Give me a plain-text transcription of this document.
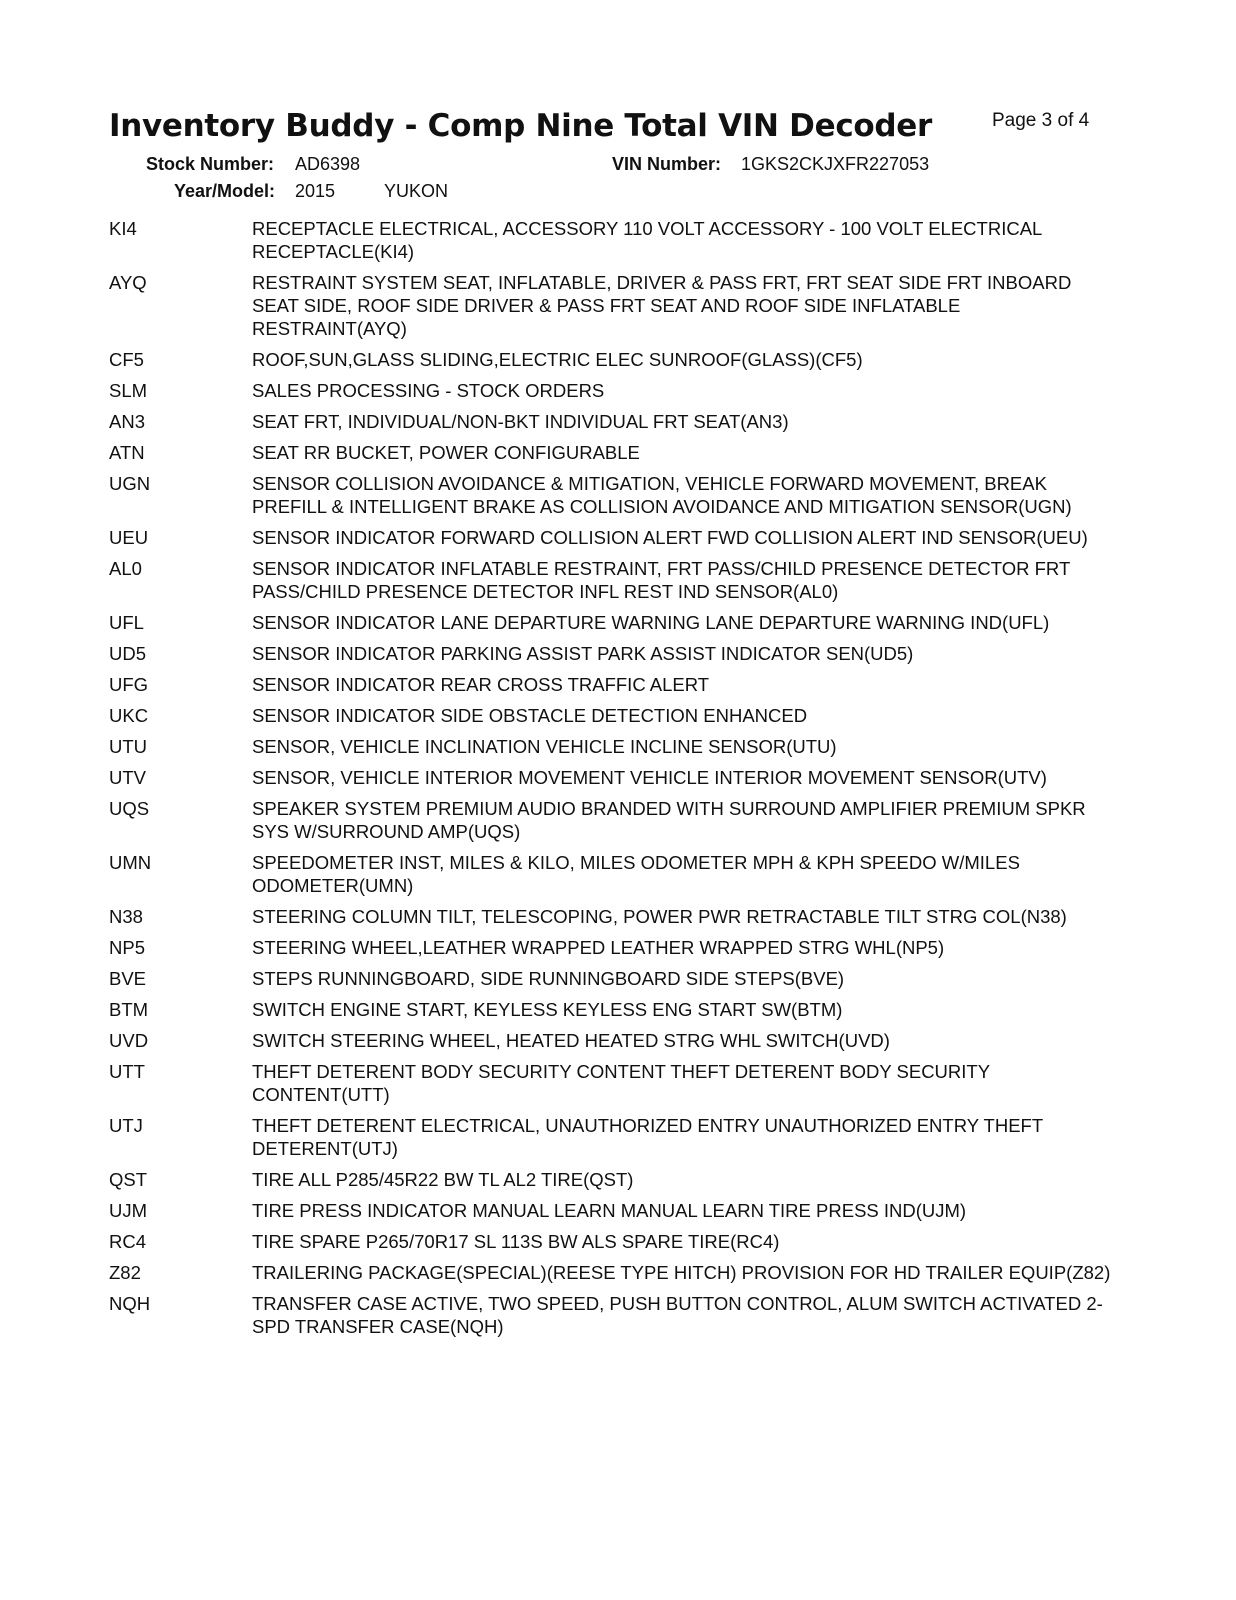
Inventory Buddy - Comp Nine Total VIN Decoder	Page 3 of 4
Stock Number: AD6398	VIN Number: 1GKS2CKJXFR227053
Year/Model: 2015	YUKON
KI4	RECEPTACLE ELECTRICAL, ACCESSORY 110 VOLT ACCESSORY - 100 VOLT ELECTRICAL RECEPTACLE(KI4)
AYQ	RESTRAINT SYSTEM SEAT, INFLATABLE, DRIVER & PASS FRT, FRT SEAT SIDE FRT INBOARD SEAT SIDE, ROOF SIDE DRIVER & PASS FRT SEAT AND ROOF SIDE INFLATABLE RESTRAINT(AYQ)
CF5	ROOF,SUN,GLASS SLIDING,ELECTRIC ELEC SUNROOF(GLASS)(CF5)
SLM	SALES PROCESSING - STOCK ORDERS
AN3	SEAT FRT, INDIVIDUAL/NON-BKT INDIVIDUAL FRT SEAT(AN3)
ATN	SEAT RR BUCKET, POWER CONFIGURABLE
UGN	SENSOR COLLISION AVOIDANCE & MITIGATION, VEHICLE FORWARD MOVEMENT, BREAK PREFILL & INTELLIGENT BRAKE AS COLLISION AVOIDANCE AND MITIGATION SENSOR(UGN)
UEU	SENSOR INDICATOR FORWARD COLLISION ALERT FWD COLLISION ALERT IND SENSOR(UEU)
AL0	SENSOR INDICATOR INFLATABLE RESTRAINT, FRT PASS/CHILD PRESENCE DETECTOR FRT PASS/CHILD PRESENCE DETECTOR INFL REST IND SENSOR(AL0)
UFL	SENSOR INDICATOR LANE DEPARTURE WARNING LANE DEPARTURE WARNING IND(UFL)
UD5	SENSOR INDICATOR PARKING ASSIST PARK ASSIST INDICATOR SEN(UD5)
UFG	SENSOR INDICATOR REAR CROSS TRAFFIC ALERT
UKC	SENSOR INDICATOR SIDE OBSTACLE DETECTION ENHANCED
UTU	SENSOR, VEHICLE INCLINATION VEHICLE INCLINE SENSOR(UTU)
UTV	SENSOR, VEHICLE INTERIOR MOVEMENT VEHICLE INTERIOR MOVEMENT SENSOR(UTV)
UQS	SPEAKER SYSTEM PREMIUM AUDIO BRANDED WITH SURROUND AMPLIFIER PREMIUM SPKR SYS W/SURROUND AMP(UQS)
UMN	SPEEDOMETER INST, MILES & KILO, MILES ODOMETER MPH & KPH SPEEDO W/MILES ODOMETER(UMN)
N38	STEERING COLUMN TILT, TELESCOPING, POWER PWR RETRACTABLE TILT STRG COL(N38)
NP5	STEERING WHEEL,LEATHER WRAPPED LEATHER WRAPPED STRG WHL(NP5)
BVE	STEPS RUNNINGBOARD, SIDE RUNNINGBOARD SIDE STEPS(BVE)
BTM	SWITCH ENGINE START, KEYLESS KEYLESS ENG START SW(BTM)
UVD	SWITCH STEERING WHEEL, HEATED HEATED STRG WHL SWITCH(UVD)
UTT	THEFT DETERENT BODY SECURITY CONTENT THEFT DETERENT BODY SECURITY CONTENT(UTT)
UTJ	THEFT DETERENT ELECTRICAL, UNAUTHORIZED ENTRY UNAUTHORIZED ENTRY THEFT DETERENT(UTJ)
QST	TIRE ALL P285/45R22 BW TL AL2 TIRE(QST)
UJM	TIRE PRESS INDICATOR MANUAL LEARN MANUAL LEARN TIRE PRESS IND(UJM)
RC4	TIRE SPARE P265/70R17 SL 113S BW ALS SPARE TIRE(RC4)
Z82	TRAILERING PACKAGE(SPECIAL)(REESE TYPE HITCH) PROVISION FOR HD TRAILER EQUIP(Z82)
NQH	TRANSFER CASE ACTIVE, TWO SPEED, PUSH BUTTON CONTROL, ALUM SWITCH ACTIVATED 2-SPD TRANSFER CASE(NQH)
